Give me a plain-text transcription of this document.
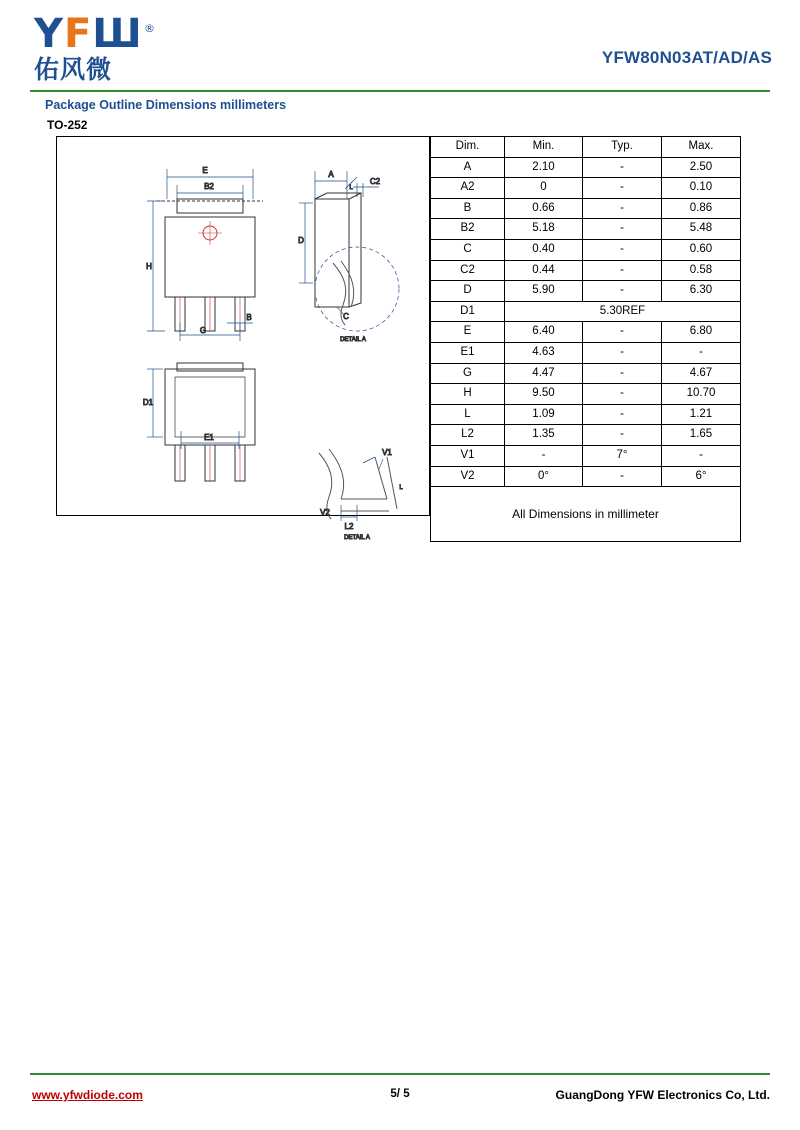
YFШ ®
佑风微	YFW80N03AT/AD/AS
Package Outline Dimensions millimeters
TO-252
E
B2
H
G
B
A
C2
L
D
C
DETAIL A
D1
E1
V1
L
V2
L2
DETAIL A
Dim.	Min.	Typ.	Max.
A	2.10	-	2.50
A2	0	-	0.10
B	0.66	-	0.86
B2	5.18	-	5.48
C	0.40	-	0.60
C2	0.44	-	0.58
D	5.90	-	6.30
D1	5.30REF		
E	6.40	-	6.80
E1	4.63	-	-
G	4.47	-	4.67
H	9.50	-	10.70
L	1.09	-	1.21
L2	1.35	-	1.65
V1	-	7°	-
V2	0°	-	6°
All Dimensions in millimeter			
www.yfwdiode.com	5/ 5	GuangDong YFW Electronics Co, Ltd.
